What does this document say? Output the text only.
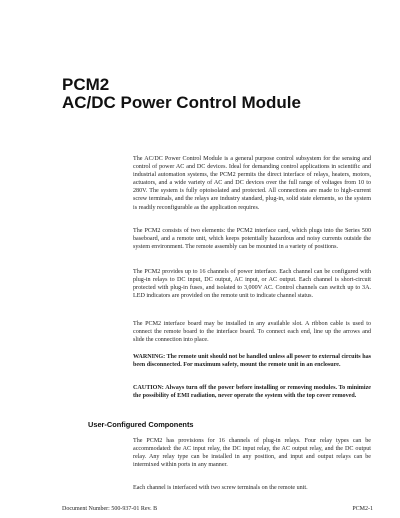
PCM2
AC/DC Power Control Module

The AC/DC Power Control Module is a general purpose control subsystem for the sensing and control of power AC and DC devices. Ideal for demanding control applications in scientific and industrial automation systems, the PCM2 permits the direct interface of relays, heaters, motors, actuators, and a wide variety of AC and DC devices over the full range of voltages from 10 to 280V. The system is fully optoisolated and protected. All connections are made to high-current screw terminals, and the relays are industry standard, plug-in, solid state elements, so the system is readily reconfigurable as the application requires.

The PCM2 consists of two elements: the PCM2 interface card, which plugs into the Series 500 baseboard, and a remote unit, which keeps potentially hazardous and noisy currents outside the system environment. The remote assembly can be mounted in a variety of positions.

The PCM2 provides up to 16 channels of power interface. Each channel can be configured with plug-in relays to DC input, DC output, AC input, or AC output. Each channel is short-circuit protected with plug-in fuses, and isolated to 3,000V AC. Control channels can switch up to 3A. LED indicators are provided on the remote unit to indicate channel status.

The PCM2 interface board may be installed in any available slot. A ribbon cable is used to connect the remote board to the interface board. To connect each end, line up the arrows and slide the connection into place.

WARNING: The remote unit should not be handled unless all power to external circuits has been disconnected. For maximum safety, mount the remote unit in an enclosure.

CAUTION: Always turn off the power before installing or removing modules. To minimize the possibility of EMI radiation, never operate the system with the top cover removed.

User-Configured Components

The PCM2 has provisions for 16 channels of plug-in relays. Four relay types can be accommodated: the AC input relay, the DC input relay, the AC output relay, and the DC output relay. Any relay type can be installed in any position, and input and output relays can be intermixed within ports in any manner.

Each channel is interfaced with two screw terminals on the remote unit.

Document Number: 500-937-01 Rev. B	PCM2-1
